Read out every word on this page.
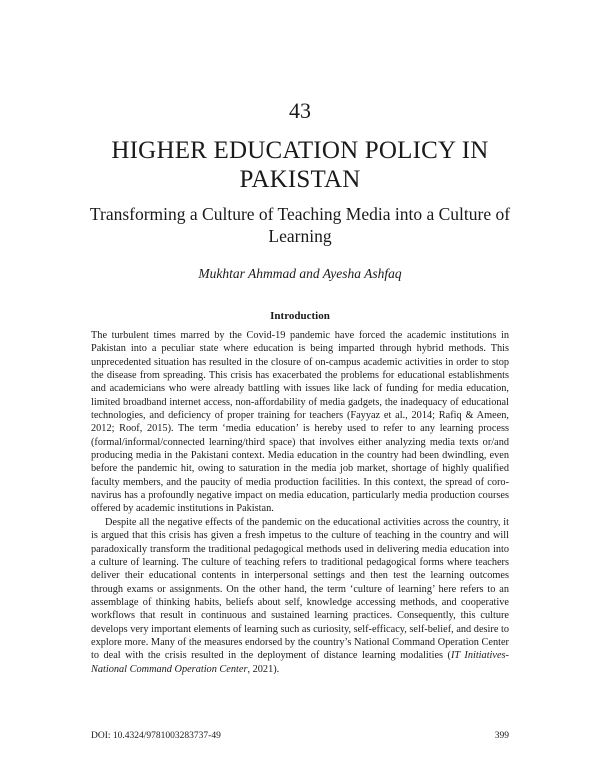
43
HIGHER EDUCATION POLICY IN PAKISTAN
Transforming a Culture of Teaching Media into a Culture of Learning
Mukhtar Ahmmad and Ayesha Ashfaq
Introduction

The turbulent times marred by the Covid-19 pandemic have forced the academic institutions in Pakistan into a peculiar state where education is being imparted through hybrid methods. This unprecedented situation has resulted in the closure of on-campus academic activities in order to stop the disease from spreading. This crisis has exacerbated the problems for educational establishments and academicians who were already battling with issues like lack of funding for media education, limited broadband internet access, non-affordability of media gadgets, the inadequacy of educational technologies, and deficiency of proper training for teachers (Fayyaz et al., 2014; Rafiq & Ameen, 2012; Roof, 2015). The term ‘media education’ is hereby used to refer to any learning process (formal/informal/connected learning/third space) that involves either analyzing media texts or/and producing media in the Pakistani context. Media education in the country had been dwindling, even before the pandemic hit, owing to saturation in the media job market, shortage of highly qualified faculty members, and the paucity of media production facilities. In this context, the spread of coronavirus has a profoundly negative impact on media education, particularly media production courses offered by academic institutions in Pakistan.

Despite all the negative effects of the pandemic on the educational activities across the country, it is argued that this crisis has given a fresh impetus to the culture of teaching in the country and will paradoxically transform the traditional pedagogical methods used in delivering media education into a culture of learning. The culture of teaching refers to traditional pedagogical forms where teachers deliver their educational contents in interpersonal settings and then test the learning outcomes through exams or assignments. On the other hand, the term ‘culture of learning’ here refers to an assemblage of thinking habits, beliefs about self, knowledge accessing methods, and cooperative workflows that result in continuous and sustained learning practices. Consequently, this culture develops very important elements of learning such as curiosity, self-efficacy, self-belief, and desire to explore more. Many of the measures endorsed by the country’s National Command Operation Center to deal with the crisis resulted in the deployment of distance learning modalities (IT Initiatives-National Command Operation Center, 2021).

DOI: 10.4324/9781003283737-49	399
